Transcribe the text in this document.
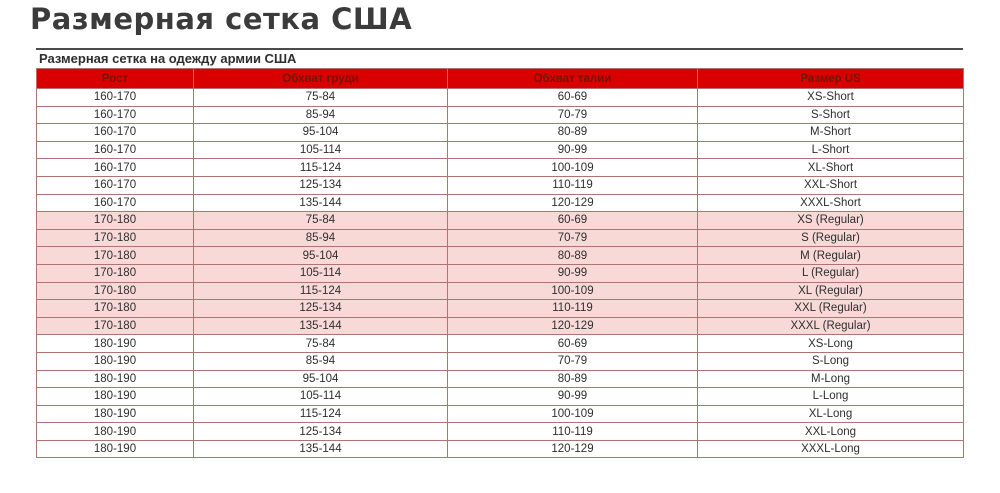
Размерная сетка США
Размерная сетка на одежду армии США
Рост	Обхват груди	Обхват талии	Размер US
160-170	75-84	60-69	XS-Short
160-170	85-94	70-79	S-Short
160-170	95-104	80-89	M-Short
160-170	105-114	90-99	L-Short
160-170	115-124	100-109	XL-Short
160-170	125-134	110-119	XXL-Short
160-170	135-144	120-129	XXXL-Short
170-180	75-84	60-69	XS (Regular)
170-180	85-94	70-79	S (Regular)
170-180	95-104	80-89	M (Regular)
170-180	105-114	90-99	L (Regular)
170-180	115-124	100-109	XL (Regular)
170-180	125-134	110-119	XXL (Regular)
170-180	135-144	120-129	XXXL (Regular)
180-190	75-84	60-69	XS-Long
180-190	85-94	70-79	S-Long
180-190	95-104	80-89	M-Long
180-190	105-114	90-99	L-Long
180-190	115-124	100-109	XL-Long
180-190	125-134	110-119	XXL-Long
180-190	135-144	120-129	XXXL-Long
